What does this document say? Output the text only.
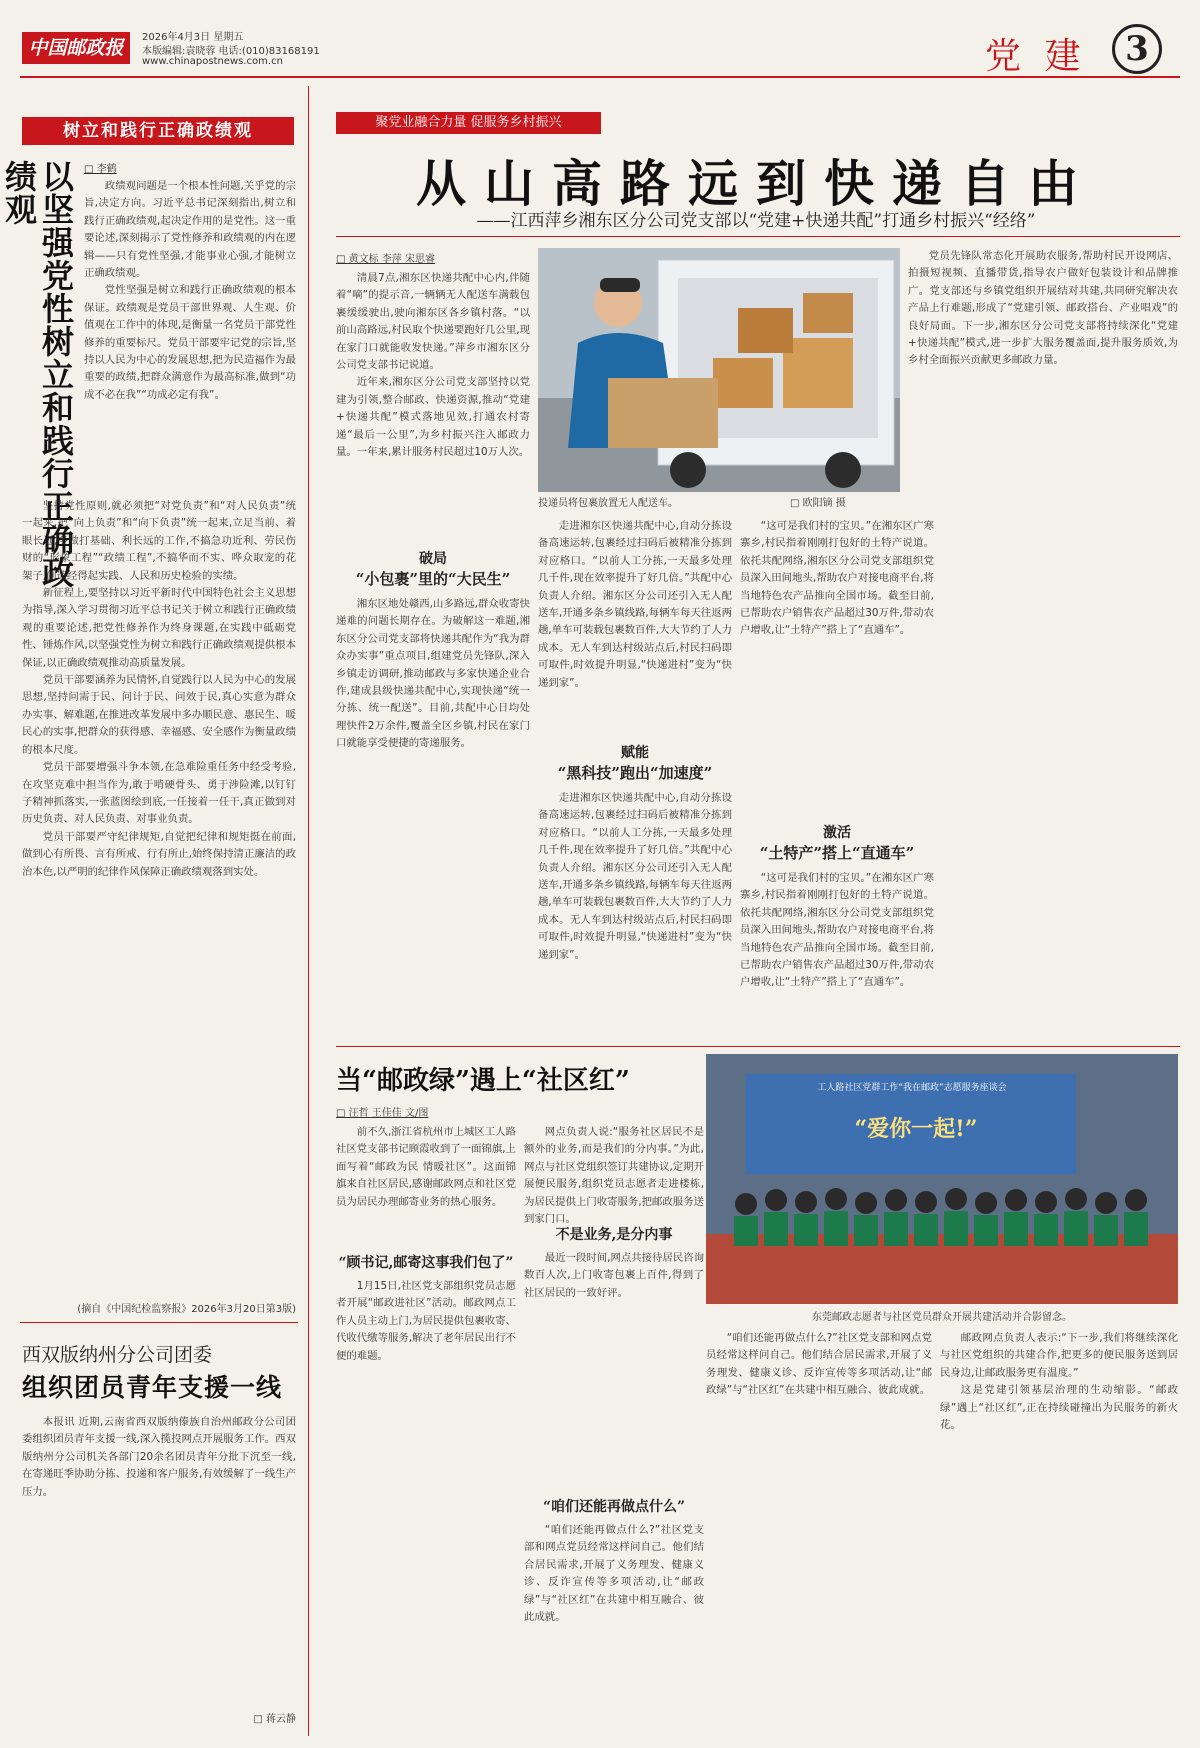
中国邮政报	2026年4月3日 星期五
本版编辑:袁晓蓉 电话:(010)83168191
www.chinapostnews.com.cn	党 建	3
树立和践行正确政绩观
以坚强党性树立和践行正确政绩观	□ 李鹤

政绩观问题是一个根本性问题,关乎党的宗旨,决定方向。习近平总书记深刻指出,树立和践行正确政绩观,起决定作用的是党性。这一重要论述,深刻揭示了党性修养和政绩观的内在逻辑——只有党性坚强,才能事业心强,才能树立正确政绩观。

党性坚强是树立和践行正确政绩观的根本保证。政绩观是党员干部世界观、人生观、价值观在工作中的体现,是衡量一名党员干部党性修养的重要标尺。党员干部要牢记党的宗旨,坚持以人民为中心的发展思想,把为民造福作为最重要的政绩,把群众满意作为最高标准,做到“功成不必在我”“功成必定有我”。

坚持党性原则,就必须把“对党负责”和“对人民负责”统一起来,把“向上负责”和“向下负责”统一起来,立足当前、着眼长远,多做打基础、利长远的工作,不搞急功近利、劳民伤财的“形象工程”“政绩工程”,不搞华而不实、哗众取宠的花架子,创造经得起实践、人民和历史检验的实绩。

新征程上,要坚持以习近平新时代中国特色社会主义思想为指导,深入学习贯彻习近平总书记关于树立和践行正确政绩观的重要论述,把党性修养作为终身课题,在实践中砥砺党性、锤炼作风,以坚强党性为树立和践行正确政绩观提供根本保证,以正确政绩观推动高质量发展。

党员干部要涵养为民情怀,自觉践行以人民为中心的发展思想,坚持问需于民、问计于民、问效于民,真心实意为群众办实事、解难题,在推进改革发展中多办顺民意、惠民生、暖民心的实事,把群众的获得感、幸福感、安全感作为衡量政绩的根本尺度。

党员干部要增强斗争本领,在急难险重任务中经受考验,在攻坚克难中担当作为,敢于啃硬骨头、勇于涉险滩,以钉钉子精神抓落实,一张蓝图绘到底,一任接着一任干,真正做到对历史负责、对人民负责、对事业负责。

党员干部要严守纪律规矩,自觉把纪律和规矩挺在前面,做到心有所畏、言有所戒、行有所止,始终保持清正廉洁的政治本色,以严明的纪律作风保障正确政绩观落到实处。

(摘自《中国纪检监察报》2026年3月20日第3版)
西双版纳州分公司团委
组织团员青年支援一线
本报讯 近期,云南省西双版纳傣族自治州邮政分公司团委组织团员青年支援一线,深入揽投网点开展服务工作。西双版纳州分公司机关各部门20余名团员青年分批下沉至一线,在寄递旺季协助分拣、投递和客户服务,有效缓解了一线生产压力。
□ 蒋云静
聚党业融合力量 促服务乡村振兴
从山高路远到快递自由
——江西萍乡湘东区分公司党支部以“党建+快递共配”打通乡村振兴“经络”
□ 黄文标 李萍 宋思睿
投递员将包裹放置无人配送车。	□ 欧阳镝 摄

清晨7点,湘东区快递共配中心内,伴随着“嘀”的提示音,一辆辆无人配送车满载包裹缓缓驶出,驶向湘东区各乡镇村落。“以前山高路远,村民取个快递要跑好几公里,现在家门口就能收发快递。”萍乡市湘东区分公司党支部书记说道。

近年来,湘东区分公司党支部坚持以党建为引领,整合邮政、快递资源,推动“党建+快递共配”模式落地见效,打通农村寄递“最后一公里”,为乡村振兴注入邮政力量。一年来,累计服务村民超过10万人次。

破局
“小包裹”里的“大民生”
湘东区地处赣西,山多路远,群众收寄快递难的问题长期存在。为破解这一难题,湘东区分公司党支部将快递共配作为“我为群众办实事”重点项目,组建党员先锋队,深入乡镇走访调研,推动邮政与多家快递企业合作,建成县级快递共配中心,实现快递“统一分拣、统一配送”。目前,共配中心日均处理快件2万余件,覆盖全区乡镇,村民在家门口就能享受便捷的寄递服务。
走进湘东区快递共配中心,自动分拣设备高速运转,包裹经过扫码后被精准分拣到对应格口。“以前人工分拣,一天最多处理几千件,现在效率提升了好几倍。”共配中心负责人介绍。湘东区分公司还引入无人配送车,开通多条乡镇线路,每辆车每天往返两趟,单车可装载包裹数百件,大大节约了人力成本。无人车到达村级站点后,村民扫码即可取件,时效提升明显,“快递进村”变为“快递到家”。
赋能
“黑科技”跑出“加速度”
走进湘东区快递共配中心,自动分拣设备高速运转,包裹经过扫码后被精准分拣到对应格口。“以前人工分拣,一天最多处理几千件,现在效率提升了好几倍。”共配中心负责人介绍。湘东区分公司还引入无人配送车,开通多条乡镇线路,每辆车每天往返两趟,单车可装载包裹数百件,大大节约了人力成本。无人车到达村级站点后,村民扫码即可取件,时效提升明显,“快递进村”变为“快递到家”。
“这可是我们村的宝贝。”在湘东区广寒寨乡,村民指着刚刚打包好的土特产说道。依托共配网络,湘东区分公司党支部组织党员深入田间地头,帮助农户对接电商平台,将当地特色农产品推向全国市场。截至目前,已帮助农户销售农产品超过30万件,带动农户增收,让“土特产”搭上了“直通车”。
激活
“土特产”搭上“直通车”
“这可是我们村的宝贝。”在湘东区广寒寨乡,村民指着刚刚打包好的土特产说道。依托共配网络,湘东区分公司党支部组织党员深入田间地头,帮助农户对接电商平台,将当地特色农产品推向全国市场。截至目前,已帮助农户销售农产品超过30万件,带动农户增收,让“土特产”搭上了“直通车”。
党员先锋队常态化开展助农服务,帮助村民开设网店、拍摄短视频、直播带货,指导农户做好包装设计和品牌推广。党支部还与乡镇党组织开展结对共建,共同研究解决农产品上行难题,形成了“党建引领、邮政搭台、产业唱戏”的良好局面。下一步,湘东区分公司党支部将持续深化“党建+快递共配”模式,进一步扩大服务覆盖面,提升服务质效,为乡村全面振兴贡献更多邮政力量。
当“邮政绿”遇上“社区红”
□ 汪哲 王佳佳 文/图

前不久,浙江省杭州市上城区工人路社区党支部书记顾霞收到了一面锦旗,上面写着“邮政为民 情暖社区”。这面锦旗来自社区居民,感谢邮政网点和社区党员为居民办理邮寄业务的热心服务。

“顾书记,邮寄这事我们包了”
1月15日,社区党支部组织党员志愿者开展“邮政进社区”活动。邮政网点工作人员主动上门,为居民提供包裹收寄、代收代缴等服务,解决了老年居民出行不便的难题。
网点负责人说:“服务社区居民不是额外的业务,而是我们的分内事。”为此,网点与社区党组织签订共建协议,定期开展便民服务,组织党员志愿者走进楼栋,为居民提供上门收寄服务,把邮政服务送到家门口。
不是业务,是分内事
最近一段时间,网点共接待居民咨询数百人次,上门收寄包裹上百件,得到了社区居民的一致好评。
“咱们还能再做点什么”
“咱们还能再做点什么?”社区党支部和网点党员经常这样问自己。他们结合居民需求,开展了义务理发、健康义诊、反诈宣传等多项活动,让“邮政绿”与“社区红”在共建中相互融合、彼此成就。
工人路社区党群工作“我在邮政”志愿服务座谈会
“爱你一起!”
东莞邮政志愿者与社区党员群众开展共建活动并合影留念。
“咱们还能再做点什么?”社区党支部和网点党员经常这样问自己。他们结合居民需求,开展了义务理发、健康义诊、反诈宣传等多项活动,让“邮政绿”与“社区红”在共建中相互融合、彼此成就。

邮政网点负责人表示:“下一步,我们将继续深化与社区党组织的共建合作,把更多的便民服务送到居民身边,让邮政服务更有温度。”

这是党建引领基层治理的生动缩影。“邮政绿”遇上“社区红”,正在持续碰撞出为民服务的新火花。
